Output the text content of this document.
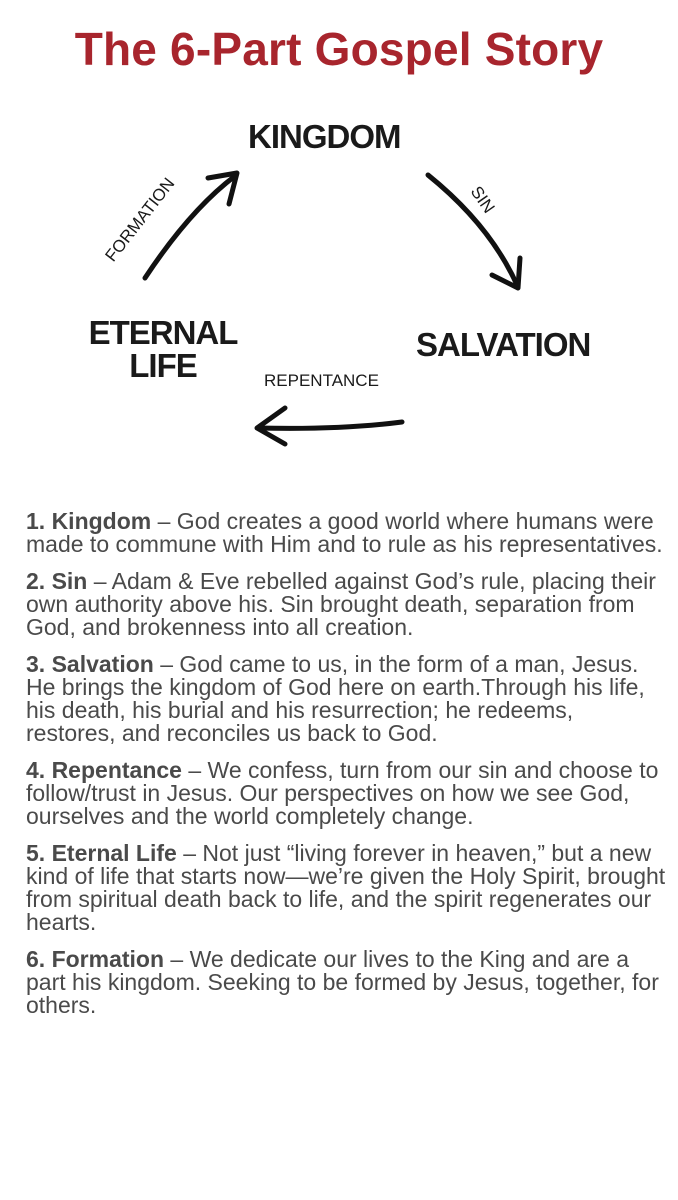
The 6-Part Gospel Story
KINGDOM
SALVATION
ETERNAL
LIFE
FORMATION	SIN
REPENTANCE

1. Kingdom – God creates a good world where humans were made to commune with Him and to rule as his representatives.

2. Sin – Adam & Eve rebelled against God’s rule, placing their own authority above his. Sin brought death, separation from God, and brokenness into all creation.

3. Salvation – God came to us, in the form of a man, Jesus. He brings the kingdom of God here on earth.Through his life, his death, his burial and his resurrection; he redeems, restores, and reconciles us back to God.

4. Repentance – We confess, turn from our sin and choose to follow/trust in Jesus. Our perspectives on how we see God, ourselves and the world completely change.

5. Eternal Life – Not just “living forever in heaven,” but a new kind of life that starts now—we’re given the Holy Spirit, brought from spiritual death back to life, and the spirit regenerates our hearts.

6. Formation – We dedicate our lives to the King and are a part his kingdom. Seeking to be formed by Jesus, together, for others.
